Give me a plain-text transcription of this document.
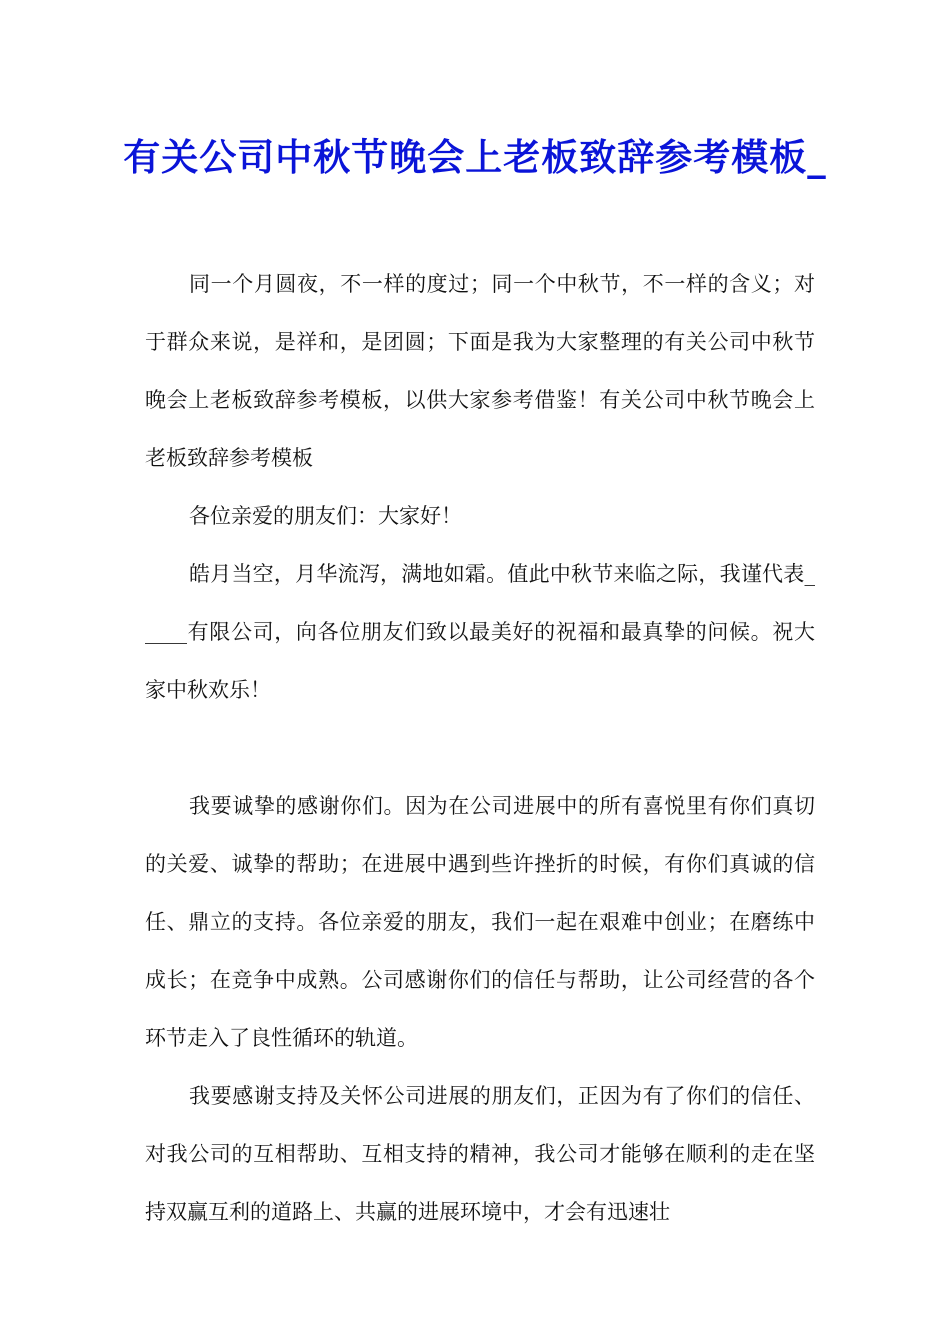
有关公司中秋节晚会上老板致辞参考模板_

同一个月圆夜，不一样的度过；同一个中秋节，不一样的含义；对于群众来说，是祥和，是团圆；下面是我为大家整理的有关公司中秋节晚会上老板致辞参考模板，以供大家参考借鉴！有关公司中秋节晚会上老板致辞参考模板

各位亲爱的朋友们：大家好！

皓月当空，月华流泻，满地如霜。值此中秋节来临之际，我谨代表_____有限公司，向各位朋友们致以最美好的祝福和最真挚的问候。祝大家中秋欢乐！

我要诚挚的感谢你们。因为在公司进展中的所有喜悦里有你们真切的关爱、诚挚的帮助；在进展中遇到些许挫折的时候，有你们真诚的信任、鼎立的支持。各位亲爱的朋友，我们一起在艰难中创业；在磨练中成长；在竞争中成熟。公司感谢你们的信任与帮助，让公司经营的各个环节走入了良性循环的轨道。

我要感谢支持及关怀公司进展的朋友们，正因为有了你们的信任、对我公司的互相帮助、互相支持的精神，我公司才能够在顺利的走在坚持双赢互利的道路上、共赢的进展环境中，才会有迅速壮
